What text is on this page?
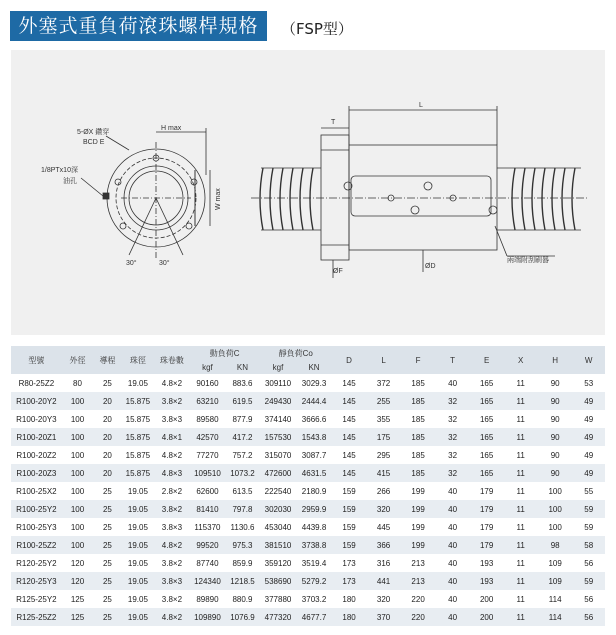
外塞式重負荷滾珠螺桿規格	（FSP型）
H max
5-ØX 鑽穿
BCD E
1/8PTx10深
油孔
W max
30°	30°
L
T
ØF
ØD
兩端附刮刷器
型號	外徑	導程	珠徑	珠卷數	動負荷C		靜負荷Co		D	L	F	T	E	X	H	W
					kgf	KN	kgf	KN								
R80-25Z2	80	25	19.05	4.8×2	90160	883.6	309110	3029.3	145	372	185	40	165	11	90	53
R100-20Y2	100	20	15.875	3.8×2	63210	619.5	249430	2444.4	145	255	185	32	165	11	90	49
R100-20Y3	100	20	15.875	3.8×3	89580	877.9	374140	3666.6	145	355	185	32	165	11	90	49
R100-20Z1	100	20	15.875	4.8×1	42570	417.2	157530	1543.8	145	175	185	32	165	11	90	49
R100-20Z2	100	20	15.875	4.8×2	77270	757.2	315070	3087.7	145	295	185	32	165	11	90	49
R100-20Z3	100	20	15.875	4.8×3	109510	1073.2	472600	4631.5	145	415	185	32	165	11	90	49
R100-25X2	100	25	19.05	2.8×2	62600	613.5	222540	2180.9	159	266	199	40	179	11	100	55
R100-25Y2	100	25	19.05	3.8×2	81410	797.8	302030	2959.9	159	320	199	40	179	11	100	59
R100-25Y3	100	25	19.05	3.8×3	115370	1130.6	453040	4439.8	159	445	199	40	179	11	100	59
R100-25Z2	100	25	19.05	4.8×2	99520	975.3	381510	3738.8	159	366	199	40	179	11	98	58
R120-25Y2	120	25	19.05	3.8×2	87740	859.9	359120	3519.4	173	316	213	40	193	11	109	56
R120-25Y3	120	25	19.05	3.8×3	124340	1218.5	538690	5279.2	173	441	213	40	193	11	109	59
R125-25Y2	125	25	19.05	3.8×2	89890	880.9	377880	3703.2	180	320	220	40	200	11	114	56
R125-25Z2	125	25	19.05	4.8×2	109890	1076.9	477320	4677.7	180	370	220	40	200	11	114	56
